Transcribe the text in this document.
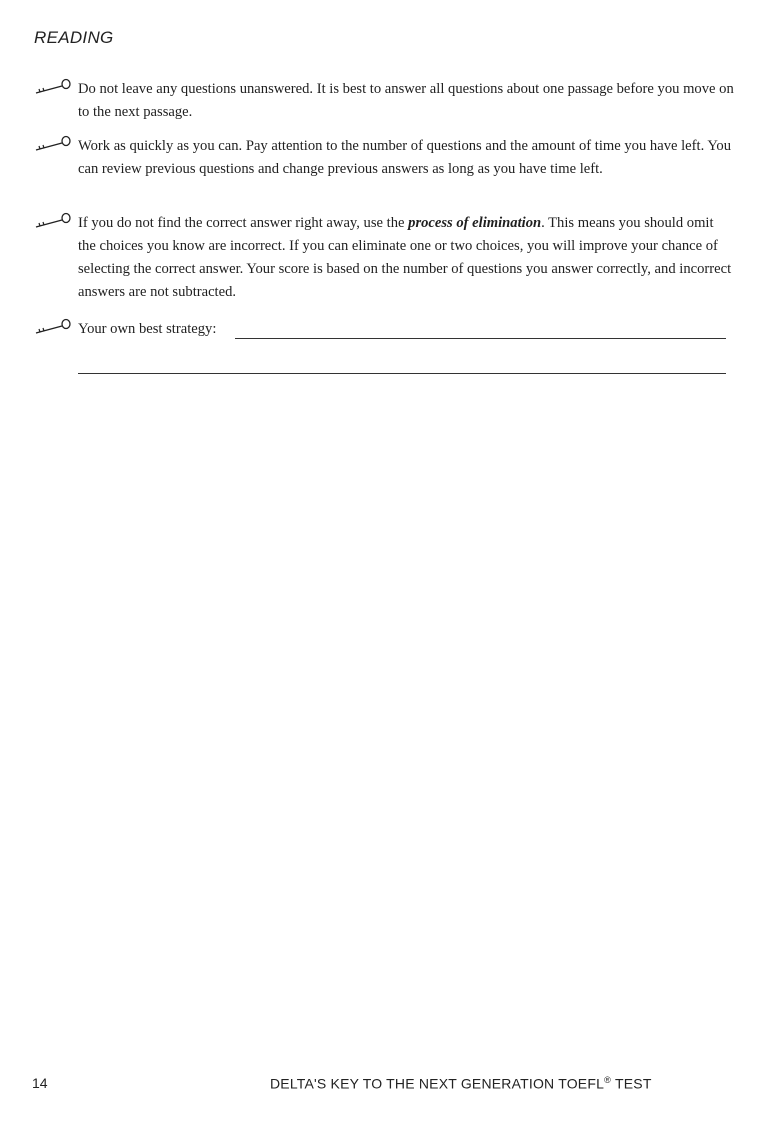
READING
Do not leave any questions unanswered. It is best to answer all questions about one passage before you move on to the next passage.
Work as quickly as you can. Pay attention to the number of questions and the amount of time you have left. You can review previous questions and change previous answers as long as you have time left.
If you do not find the correct answer right away, use the process of elimination. This means you should omit the choices you know are incorrect. If you can eliminate one or two choices, you will improve your chance of selecting the correct answer. Your score is based on the number of questions you answer correctly, and incorrect answers are not subtracted.
Your own best strategy:
14	DELTA'S KEY TO THE NEXT GENERATION TOEFL® TEST
